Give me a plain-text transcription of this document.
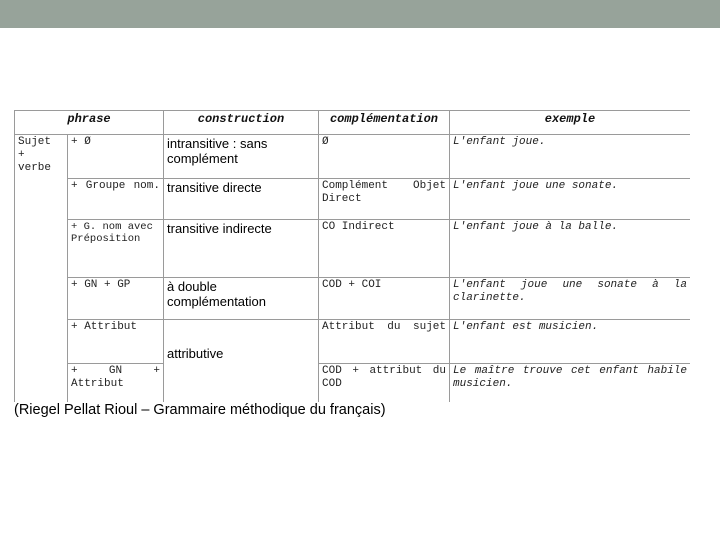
phrase		construction	complémentation	exemple

Sujet
+
verbe	+ Ø	intransitive : sans complément	Ø	L'enfant joue.
	+ Groupe nom.	transitive directe	Complément Objet Direct	L'enfant joue une sonate.
	+ G. nom avec Préposition	transitive indirecte	CO Indirect	L'enfant joue à la balle.
	+ GN + GP	à double complémentation	COD + COI	L'enfant joue une sonate à la clarinette.
	+ Attribut	attributive	Attribut du sujet	L'enfant est musicien.
	+ GN + Attribut		COD + attribut du COD	Le maître trouve cet enfant habile musicien.
(Riegel Pellat Rioul – Grammaire méthodique du français)
